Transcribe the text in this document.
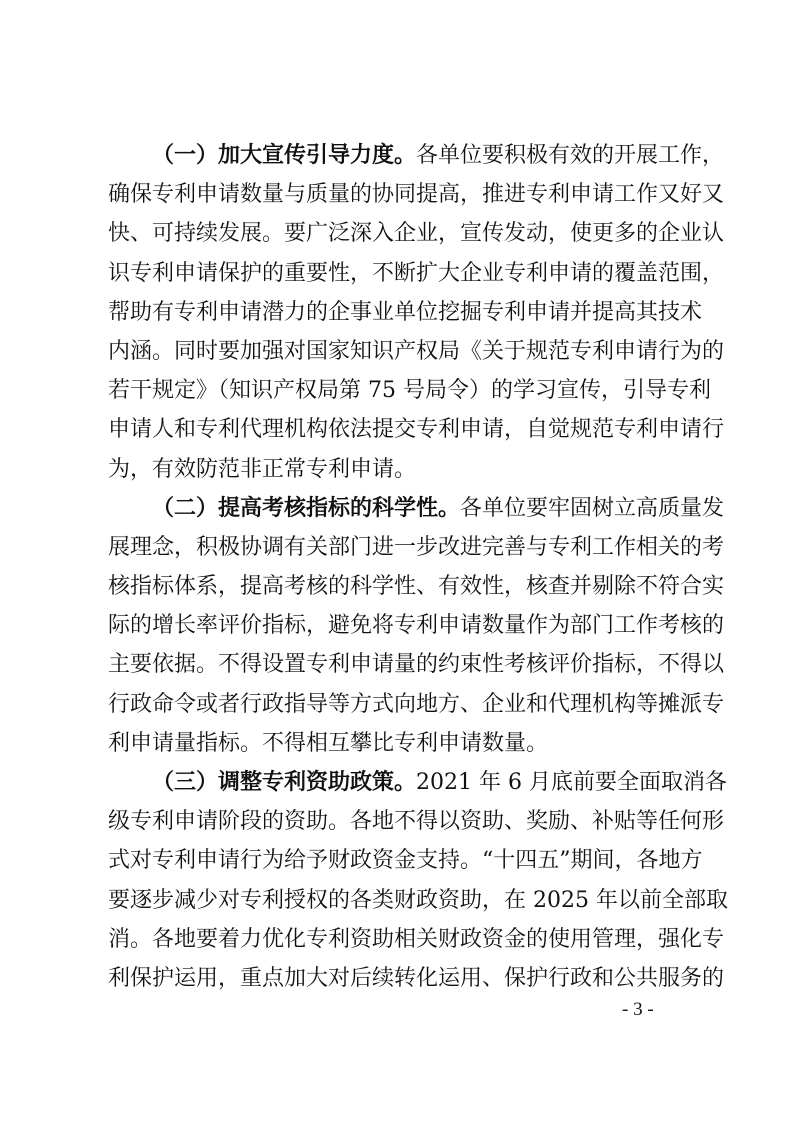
（一）加大宣传引导力度。各单位要积极有效的开展工作，
确保专利申请数量与质量的协同提高，推进专利申请工作又好又
快、可持续发展。要广泛深入企业，宣传发动，使更多的企业认
识专利申请保护的重要性，不断扩大企业专利申请的覆盖范围，
帮助有专利申请潜力的企事业单位挖掘专利申请并提高其技术
内涵。同时要加强对国家知识产权局《关于规范专利申请行为的
若干规定》（知识产权局第 75 号局令）的学习宣传，引导专利
申请人和专利代理机构依法提交专利申请，自觉规范专利申请行
为，有效防范非正常专利申请。
（二）提高考核指标的科学性。各单位要牢固树立高质量发
展理念，积极协调有关部门进一步改进完善与专利工作相关的考
核指标体系，提高考核的科学性、有效性，核查并剔除不符合实
际的增长率评价指标，避免将专利申请数量作为部门工作考核的
主要依据。不得设置专利申请量的约束性考核评价指标，不得以
行政命令或者行政指导等方式向地方、企业和代理机构等摊派专
利申请量指标。不得相互攀比专利申请数量。
（三）调整专利资助政策。2021 年 6 月底前要全面取消各
级专利申请阶段的资助。各地不得以资助、奖励、补贴等任何形
式对专利申请行为给予财政资金支持。“十四五”期间，各地方
要逐步减少对专利授权的各类财政资助，在 2025 年以前全部取
消。各地要着力优化专利资助相关财政资金的使用管理，强化专
利保护运用，重点加大对后续转化运用、保护行政和公共服务的
- 3 -
